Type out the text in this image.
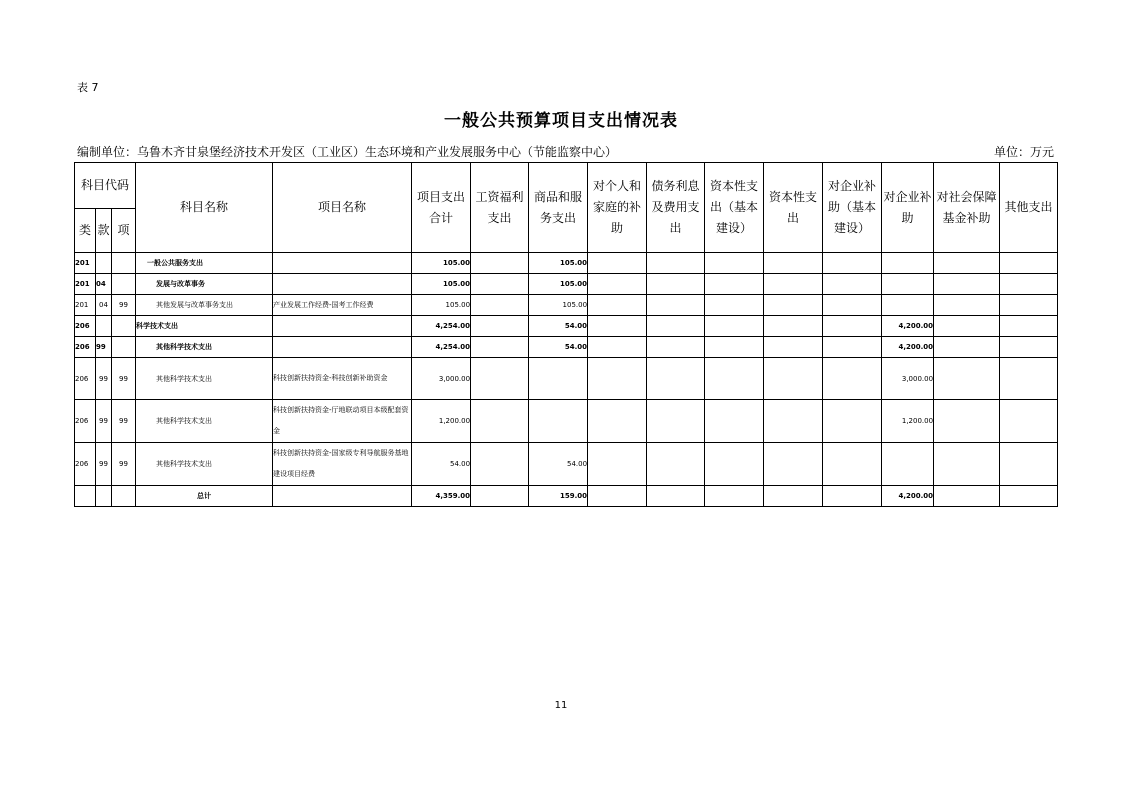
表 7
一般公共预算项目支出情况表
编制单位：乌鲁木齐甘泉堡经济技术开发区（工业区）生态环境和产业发展服务中心（节能监察中心）	单位：万元
科目代码			科目名称	项目名称	项目支出合计	工资福利支出	商品和服务支出	对个人和家庭的补助	债务利息及费用支出	资本性支出（基本建设）	资本性支出	对企业补助（基本建设）	对企业补助	对社会保障基金补助	其他支出
类	款	项													
201			一般公共服务支出		105.00		105.00								
201	04		发展与改革事务		105.00		105.00								
201	04	99	其他发展与改革事务支出	产业发展工作经费-国考工作经费	105.00		105.00								
206			科学技术支出		4,254.00		54.00						4,200.00		
206	99		其他科学技术支出		4,254.00		54.00						4,200.00		
206	99	99	其他科学技术支出	科技创新扶持资金-科技创新补助资金	3,000.00								3,000.00		
206	99	99	其他科学技术支出	科技创新扶持资金-厅地联动项目本级配套资金	1,200.00								1,200.00		
206	99	99	其他科学技术支出	科技创新扶持资金-国家级专利导航服务基地建设项目经费	54.00		54.00								
			总计		4,359.00		159.00						4,200.00		
11
